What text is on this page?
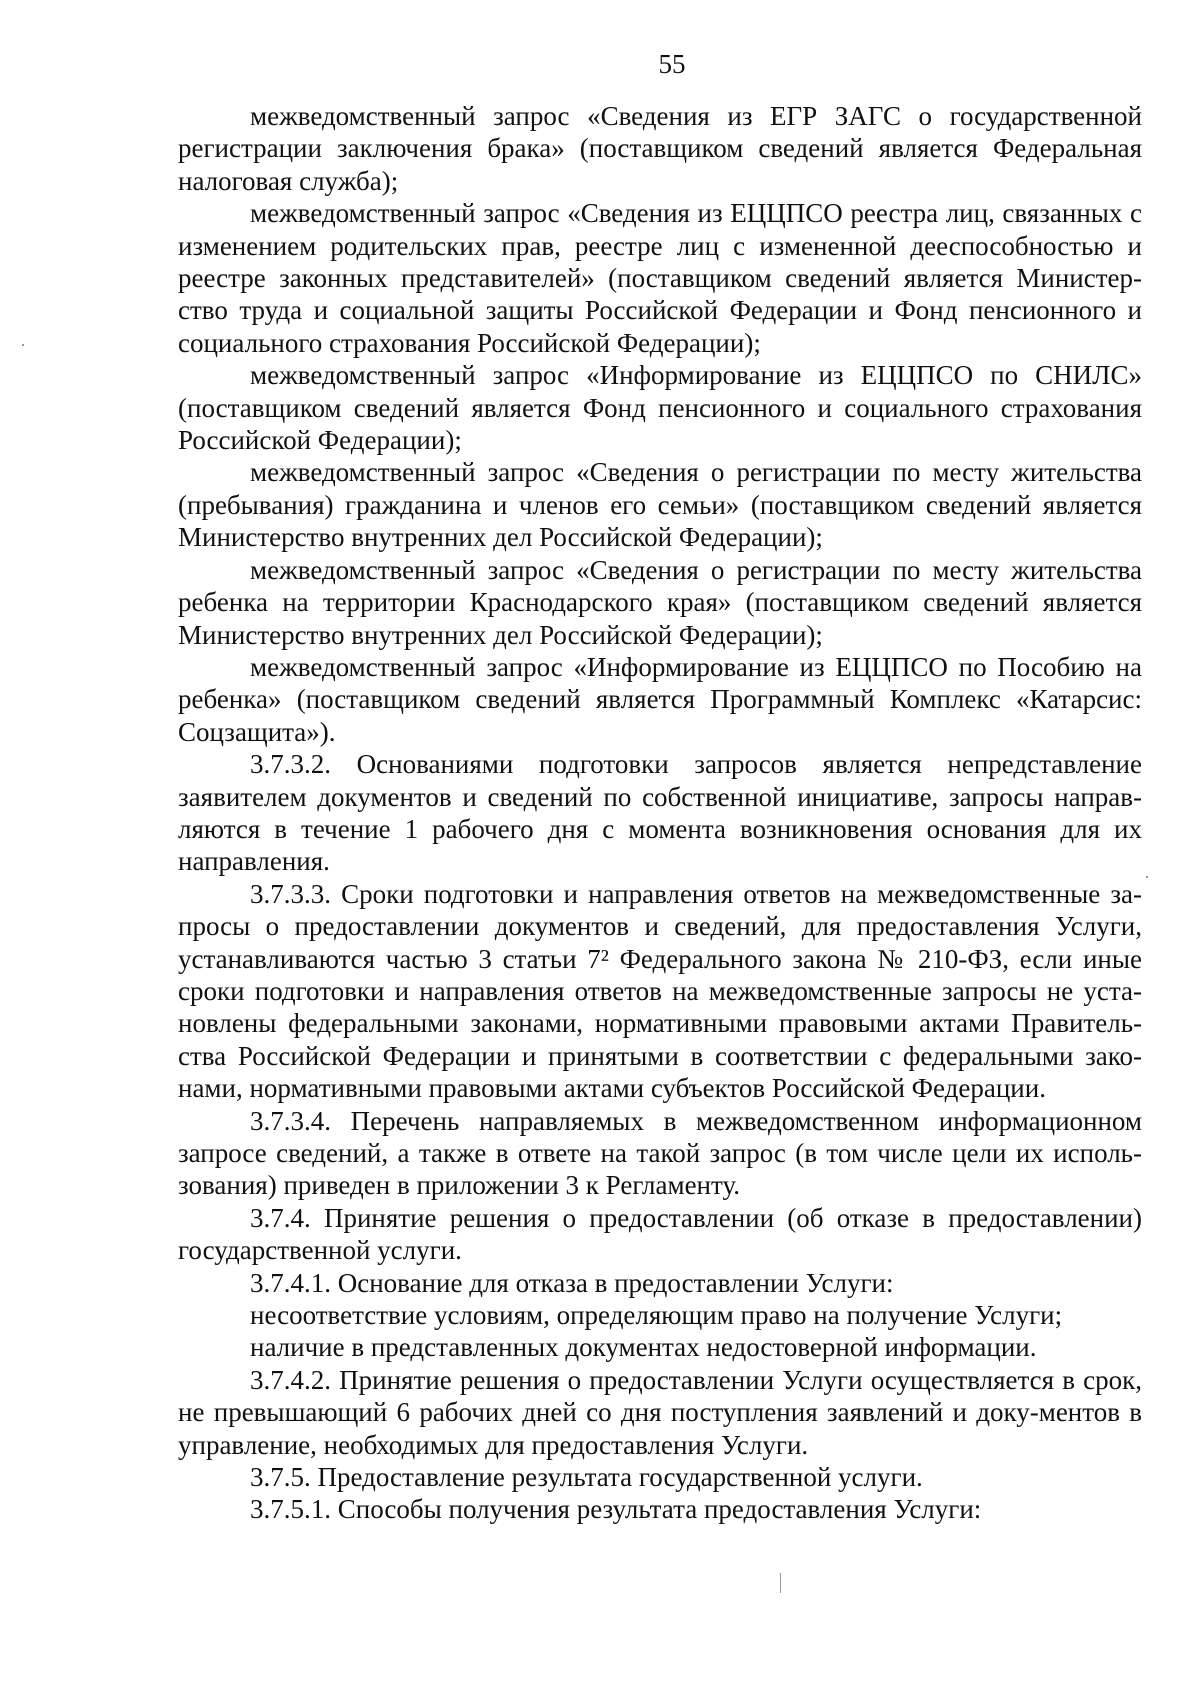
55

межведомственный запрос «Сведения из ЕГР ЗАГС о государственной регистрации заключения брака» (поставщиком сведений является Федеральная налоговая служба);

межведомственный запрос «Сведения из ЕЦЦПСО реестра лиц, связанных с изменением родительских прав, реестре лиц с измененной дееспособностью и реестре законных представителей» (поставщиком сведений является Министер-ство труда и социальной защиты Российской Федерации и Фонд пенсионного и социального страхования Российской Федерации);

межведомственный запрос «Информирование из ЕЦЦПСО по СНИЛС» (поставщиком сведений является Фонд пенсионного и социального страхования Российской Федерации);

межведомственный запрос «Сведения о регистрации по месту жительства (пребывания) гражданина и членов его семьи» (поставщиком сведений является Министерство внутренних дел Российской Федерации);

межведомственный запрос «Сведения о регистрации по месту жительства ребенка на территории Краснодарского края» (поставщиком сведений является Министерство внутренних дел Российской Федерации);

межведомственный запрос «Информирование из ЕЦЦПСО по Пособию на ребенка» (поставщиком сведений является Программный Комплекс «Катарсис: Соцзащита»).

3.7.3.2. Основаниями подготовки запросов является непредставление заявителем документов и сведений по собственной инициативе, запросы направ-ляются в течение 1 рабочего дня с момента возникновения основания для их направления.

3.7.3.3. Сроки подготовки и направления ответов на межведомственные за-просы о предоставлении документов и сведений, для предоставления Услуги, устанавливаются частью 3 статьи 7² Федерального закона № 210-ФЗ, если иные сроки подготовки и направления ответов на межведомственные запросы не уста-новлены федеральными законами, нормативными правовыми актами Правитель-ства Российской Федерации и принятыми в соответствии с федеральными зако-нами, нормативными правовыми актами субъектов Российской Федерации.

3.7.3.4. Перечень направляемых в межведомственном информационном запросе сведений, а также в ответе на такой запрос (в том числе цели их исполь-зования) приведен в приложении 3 к Регламенту.

3.7.4. Принятие решения о предоставлении (об отказе в предоставлении) государственной услуги.

3.7.4.1. Основание для отказа в предоставлении Услуги:

несоответствие условиям, определяющим право на получение Услуги;

наличие в представленных документах недостоверной информации.

3.7.4.2. Принятие решения о предоставлении Услуги осуществляется в срок, не превышающий 6 рабочих дней со дня поступления заявлений и доку-ментов в управление, необходимых для предоставления Услуги.

3.7.5. Предоставление результата государственной услуги.

3.7.5.1. Способы получения результата предоставления Услуги:
